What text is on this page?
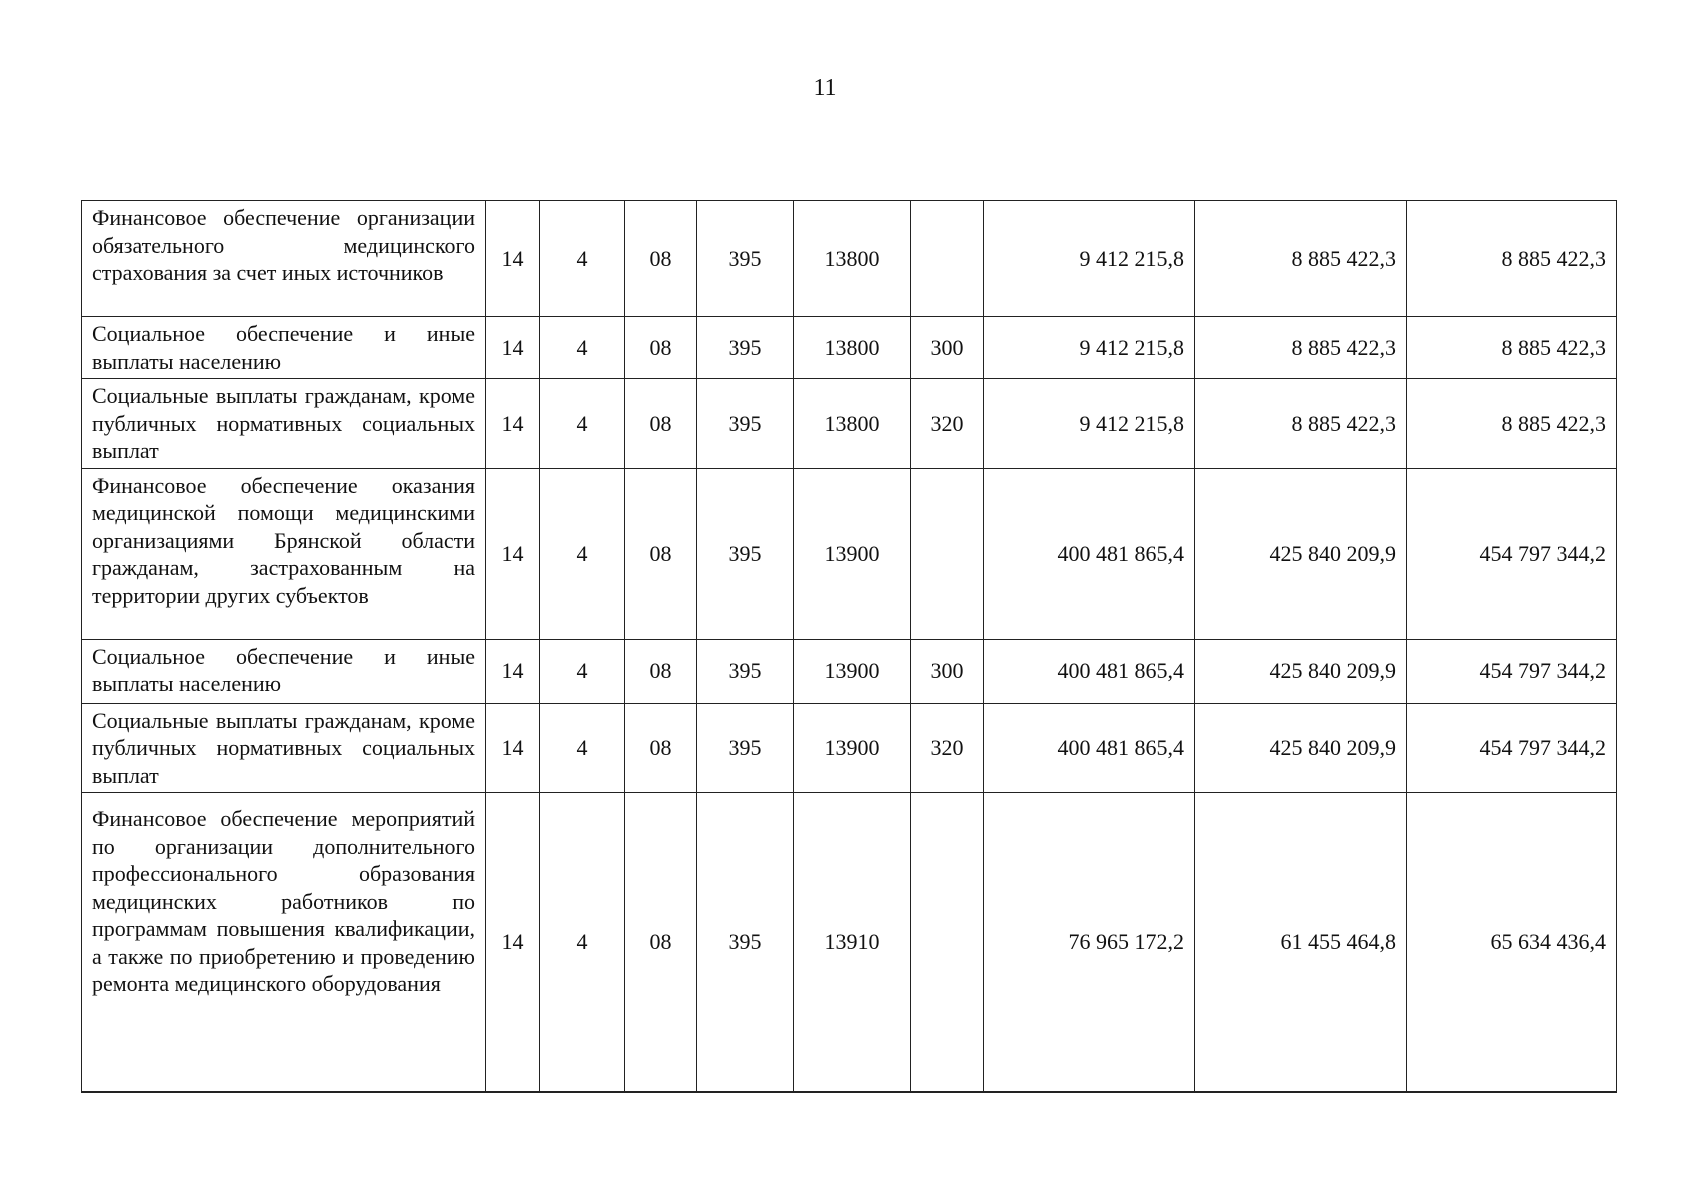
11
Финансовое обеспечение организации обязательного медицинского страхования за счет иных источников	14	4	08	395	13800		9 412 215,8	8 885 422,3	8 885 422,3
Социальное обеспечение и иные выплаты населению	14	4	08	395	13800	300	9 412 215,8	8 885 422,3	8 885 422,3
Социальные выплаты гражданам, кроме публичных нормативных социальных выплат	14	4	08	395	13800	320	9 412 215,8	8 885 422,3	8 885 422,3
Финансовое обеспечение оказания медицинской помощи медицинскими организациями Брянской области гражданам, застрахованным на территории других субъектов	14	4	08	395	13900		400 481 865,4	425 840 209,9	454 797 344,2
Социальное обеспечение и иные выплаты населению	14	4	08	395	13900	300	400 481 865,4	425 840 209,9	454 797 344,2
Социальные выплаты гражданам, кроме публичных нормативных социальных выплат	14	4	08	395	13900	320	400 481 865,4	425 840 209,9	454 797 344,2
Финансовое обеспечение мероприятий по организации дополнительного профессионального образования медицинских работников по программам повышения квалификации, а также по приобретению и проведению ремонта медицинского оборудования	14	4	08	395	13910		76 965 172,2	61 455 464,8	65 634 436,4
